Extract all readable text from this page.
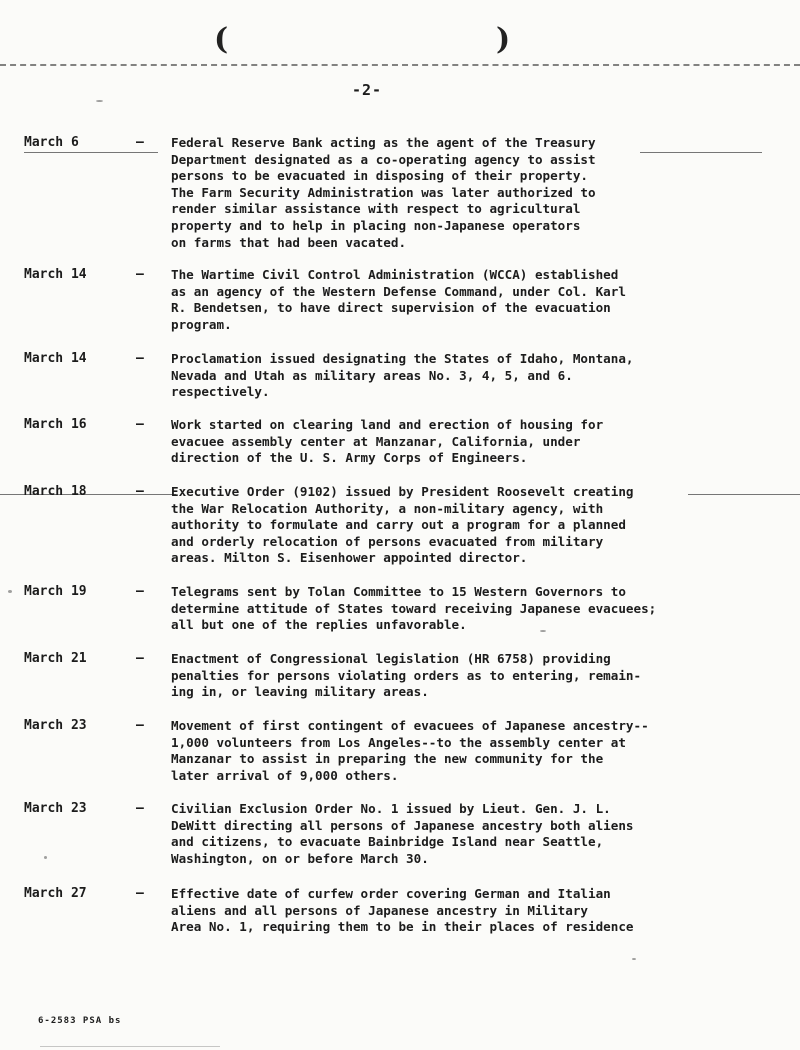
(	)
-2-
March 6	— Federal Reserve Bank acting as the agent of the Treasury
Department designated as a co-operating agency to assist
persons to be evacuated in disposing of their property.
The Farm Security Administration was later authorized to
render similar assistance with respect to agricultural
property and to help in placing non-Japanese operators
on farms that had been vacated.
March 14	— The Wartime Civil Control Administration (WCCA) established
as an agency of the Western Defense Command, under Col. Karl
R. Bendetsen, to have direct supervision of the evacuation
program.
March 14	— Proclamation issued designating the States of Idaho, Montana,
Nevada and Utah as military areas No. 3, 4, 5, and 6.
respectively.
March 16	— Work started on clearing land and erection of housing for
evacuee assembly center at Manzanar, California, under
direction of the U. S. Army Corps of Engineers.
March 18	— Executive Order (9102) issued by President Roosevelt creating
the War Relocation Authority, a non-military agency, with
authority to formulate and carry out a program for a planned
and orderly relocation of persons evacuated from military
areas. Milton S. Eisenhower appointed director.
March 19	— Telegrams sent by Tolan Committee to 15 Western Governors to
determine attitude of States toward receiving Japanese evacuees;
all but one of the replies unfavorable.
March 21	— Enactment of Congressional legislation (HR 6758) providing
penalties for persons violating orders as to entering, remain-
ing in, or leaving military areas.
March 23	— Movement of first contingent of evacuees of Japanese ancestry--
1,000 volunteers from Los Angeles--to the assembly center at
Manzanar to assist in preparing the new community for the
later arrival of 9,000 others.
March 23	— Civilian Exclusion Order No. 1 issued by Lieut. Gen. J. L.
DeWitt directing all persons of Japanese ancestry both aliens
and citizens, to evacuate Bainbridge Island near Seattle,
Washington, on or before March 30.
March 27	— Effective date of curfew order covering German and Italian
aliens and all persons of Japanese ancestry in Military
Area No. 1, requiring them to be in their places of residence
6-2583 PSA bs
